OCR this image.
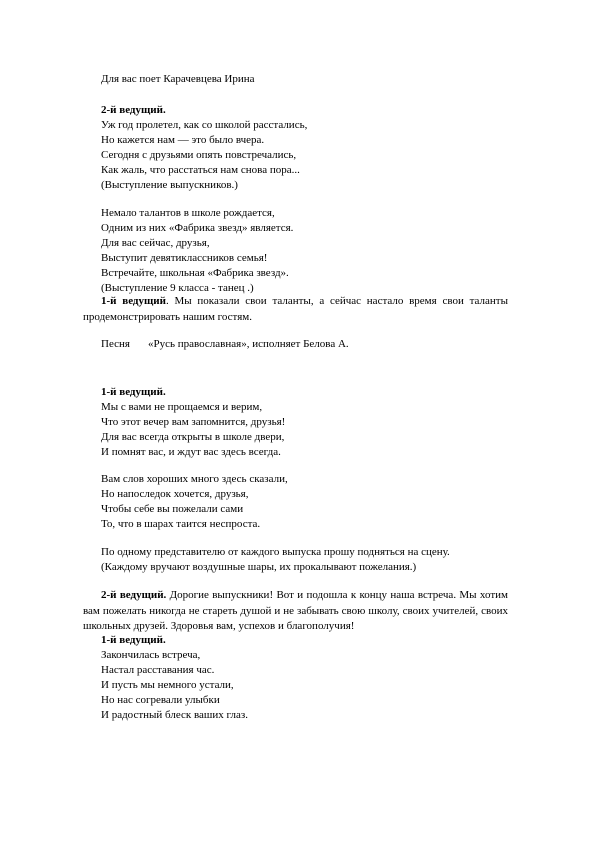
Для вас поет Карачевцева Ирина
2-й ведущий.
Уж год пролетел, как со школой расстались,
Но кажется нам — это было вчера.
Сегодня с друзьями опять повстречались,
Как жаль, что расстаться нам снова пора...
(Выступление выпускников.)
Немало талантов в школе рождается,
Одним из них «Фабрика звезд» является.
Для вас сейчас, друзья,
Выступит девятиклассников семья!
Встречайте, школьная «Фабрика звезд».
(Выступление 9 класса - танец .)
1-й ведущий. Мы показали свои таланты, а сейчас настало время свои таланты продемонстрировать нашим гостям.
Песня «Русь православная», исполняет Белова А.
1-й ведущий.
Мы с вами не прощаемся и верим,
Что этот вечер вам запомнится, друзья!
Для вас всегда открыты в школе двери,
И помнят вас, и ждут вас здесь всегда.
Вам слов хороших много здесь сказали,
Но напоследок хочется, друзья,
Чтобы себе вы пожелали сами
То, что в шарах таится неспроста.
По одному представителю от каждого выпуска прошу подняться на сцену.
(Каждому вручают воздушные шары, их прокалывают пожелания.)
2-й ведущий. Дорогие выпускники! Вот и подошла к концу наша встреча. Мы хотим вам пожелать никогда не стареть душой и не забывать свою школу, своих учителей, своих школьных друзей. Здоровья вам, успехов и благополучия!
1-й ведущий.
Закончилась встреча,
Настал расставания час.
И пусть мы немного устали,
Но нас согревали улыбки
И радостный блеск ваших глаз.
